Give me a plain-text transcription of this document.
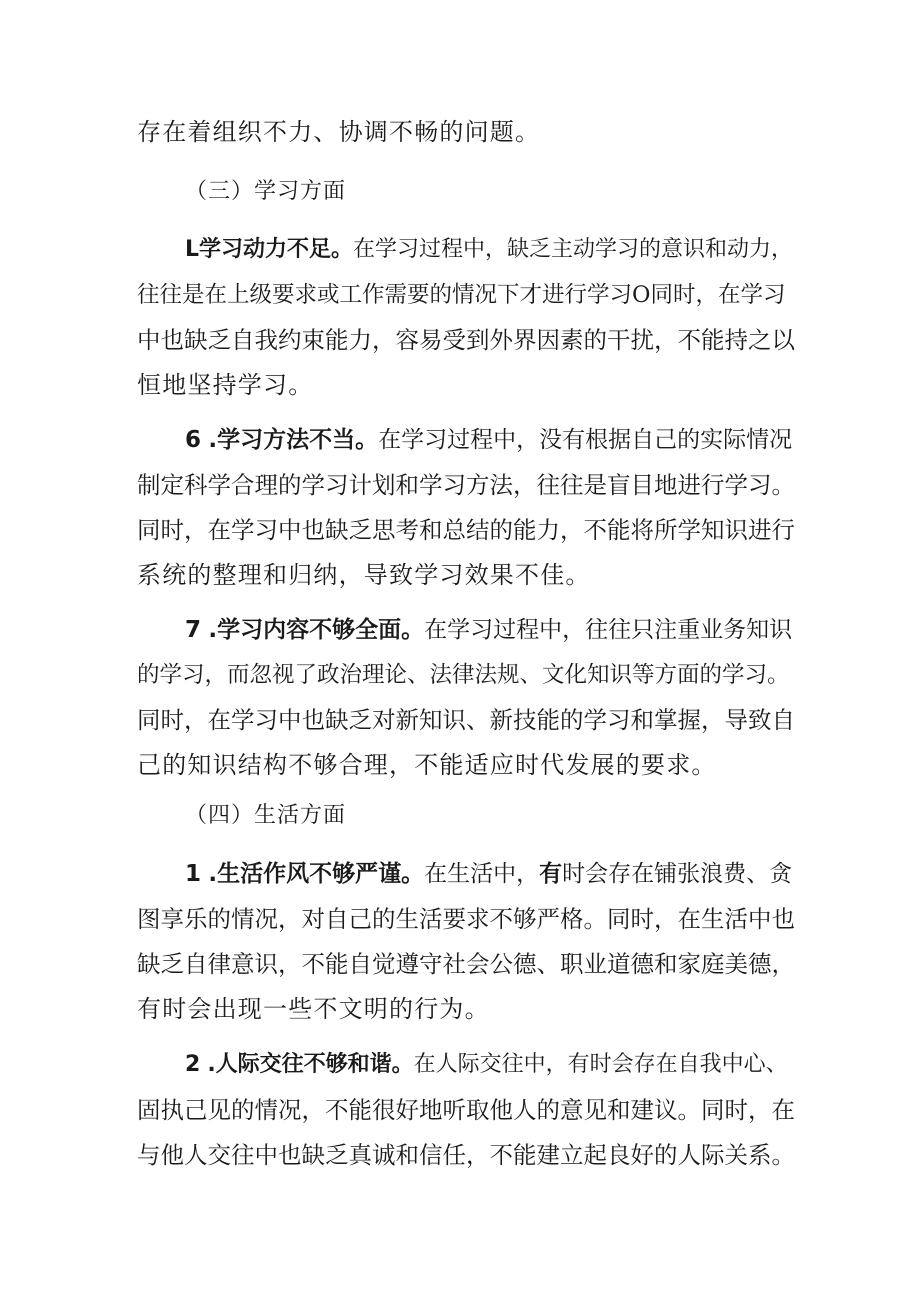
存在着组织不力、协调不畅的问题。
（三）学习方面
L学习动力不足。在学习过程中，缺乏主动学习的意识和动力，
往往是在上级要求或工作需要的情况下才进行学习O同时，在学习
中也缺乏自我约束能力，容易受到外界因素的干扰，不能持之以
恒地坚持学习。
6 .学习方法不当。在学习过程中，没有根据自己的实际情况
制定科学合理的学习计划和学习方法，往往是盲目地进行学习。
同时，在学习中也缺乏思考和总结的能力，不能将所学知识进行
系统的整理和归纳，导致学习效果不佳。
7 .学习内容不够全面。在学习过程中，往往只注重业务知识
的学习，而忽视了政治理论、法律法规、文化知识等方面的学习。
同时，在学习中也缺乏对新知识、新技能的学习和掌握，导致自
己的知识结构不够合理，不能适应时代发展的要求。
（四）生活方面
1 .生活作风不够严谨。在生活中，有时会存在铺张浪费、贪
图享乐的情况，对自己的生活要求不够严格。同时，在生活中也
缺乏自律意识，不能自觉遵守社会公德、职业道德和家庭美德，
有时会出现一些不文明的行为。
2 .人际交往不够和谐。在人际交往中，有时会存在自我中心、
固执己见的情况，不能很好地听取他人的意见和建议。同时，在
与他人交往中也缺乏真诚和信任，不能建立起良好的人际关系。
